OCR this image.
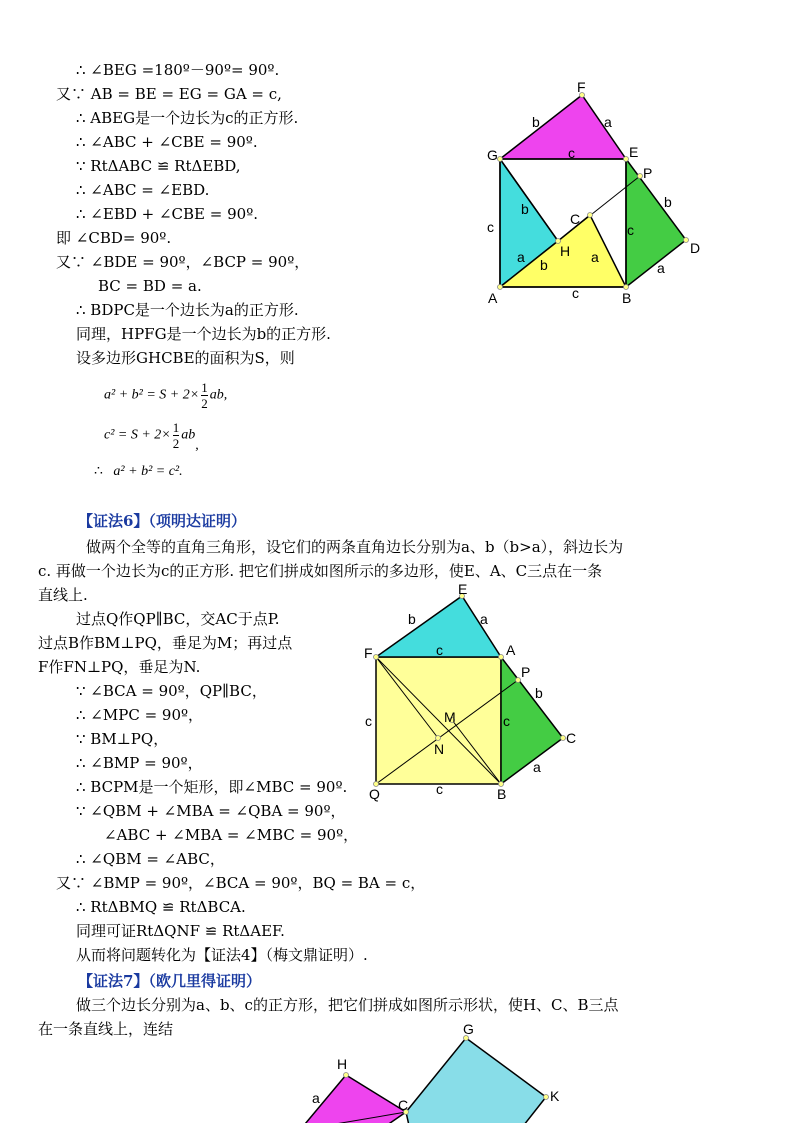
∴ ∠BEG =180º－90º= 90º.
又∵ AB = BE = EG = GA = c,
∴ ABEG是一个边长为c的正方形.
∴ ∠ABC + ∠CBE = 90º.
∵ RtΔABC ≌ RtΔEBD,
∴ ∠ABC = ∠EBD.
∴ ∠EBD + ∠CBE = 90º.
即 ∠CBD= 90º.
又∵ ∠BDE = 90º，∠BCP = 90º，
BC = BD = a.
∴ BDPC是一个边长为a的正方形.
同理，HPFG是一个边长为b的正方形.
设多边形GHCBE的面积为S，则
$a^2 + b^2 = S + 2\times \frac{1}{2}$ ab,
$c^2 = S + 2\times \frac{1}{2}$ ab,
∴ a² + b² = c².
F
b	a
G	c	E
P
b
C
c
b
c
H	D
a b	a
a
A	c	B
【证法6】（项明达证明）
做两个全等的直角三角形，设它们的两条直角边长分别为a、b（b>a），斜边长为
c. 再做一个边长为c的正方形. 把它们拼成如图所示的多边形，使E、A、C三点在一条
直线上.
过点Q作QP∥BC，交AC于点P.
过点B作BM⊥PQ，垂足为M；再过点
F作FN⊥PQ，垂足为N.
∵ ∠BCA = 90º，QP∥BC，
∴ ∠MPC = 90º，
∵ BM⊥PQ，
∴ ∠BMP = 90º，
∴ BCPM是一个矩形，即∠MBC = 90º.
∵ ∠QBM + ∠MBA = ∠QBA = 90º，
∠ABC + ∠MBA = ∠MBC = 90º，
∴ ∠QBM = ∠ABC，
又∵ ∠BMP = 90º，∠BCA = 90º，BQ = BA = c，
∴ RtΔBMQ ≌ RtΔBCA.
同理可证RtΔQNF ≌ RtΔAEF.
从而将问题转化为【证法4】（梅文鼎证明）.
E
b	a
F	c	A
P
b
M
c	c
N
C
a
Q	c	B
【证法7】（欧几里得证明）
做三个边长分别为a、b、c的正方形，把它们拼成如图所示形状，使H、C、B三点
在一条直线上，连结	G
H
K
a	C
